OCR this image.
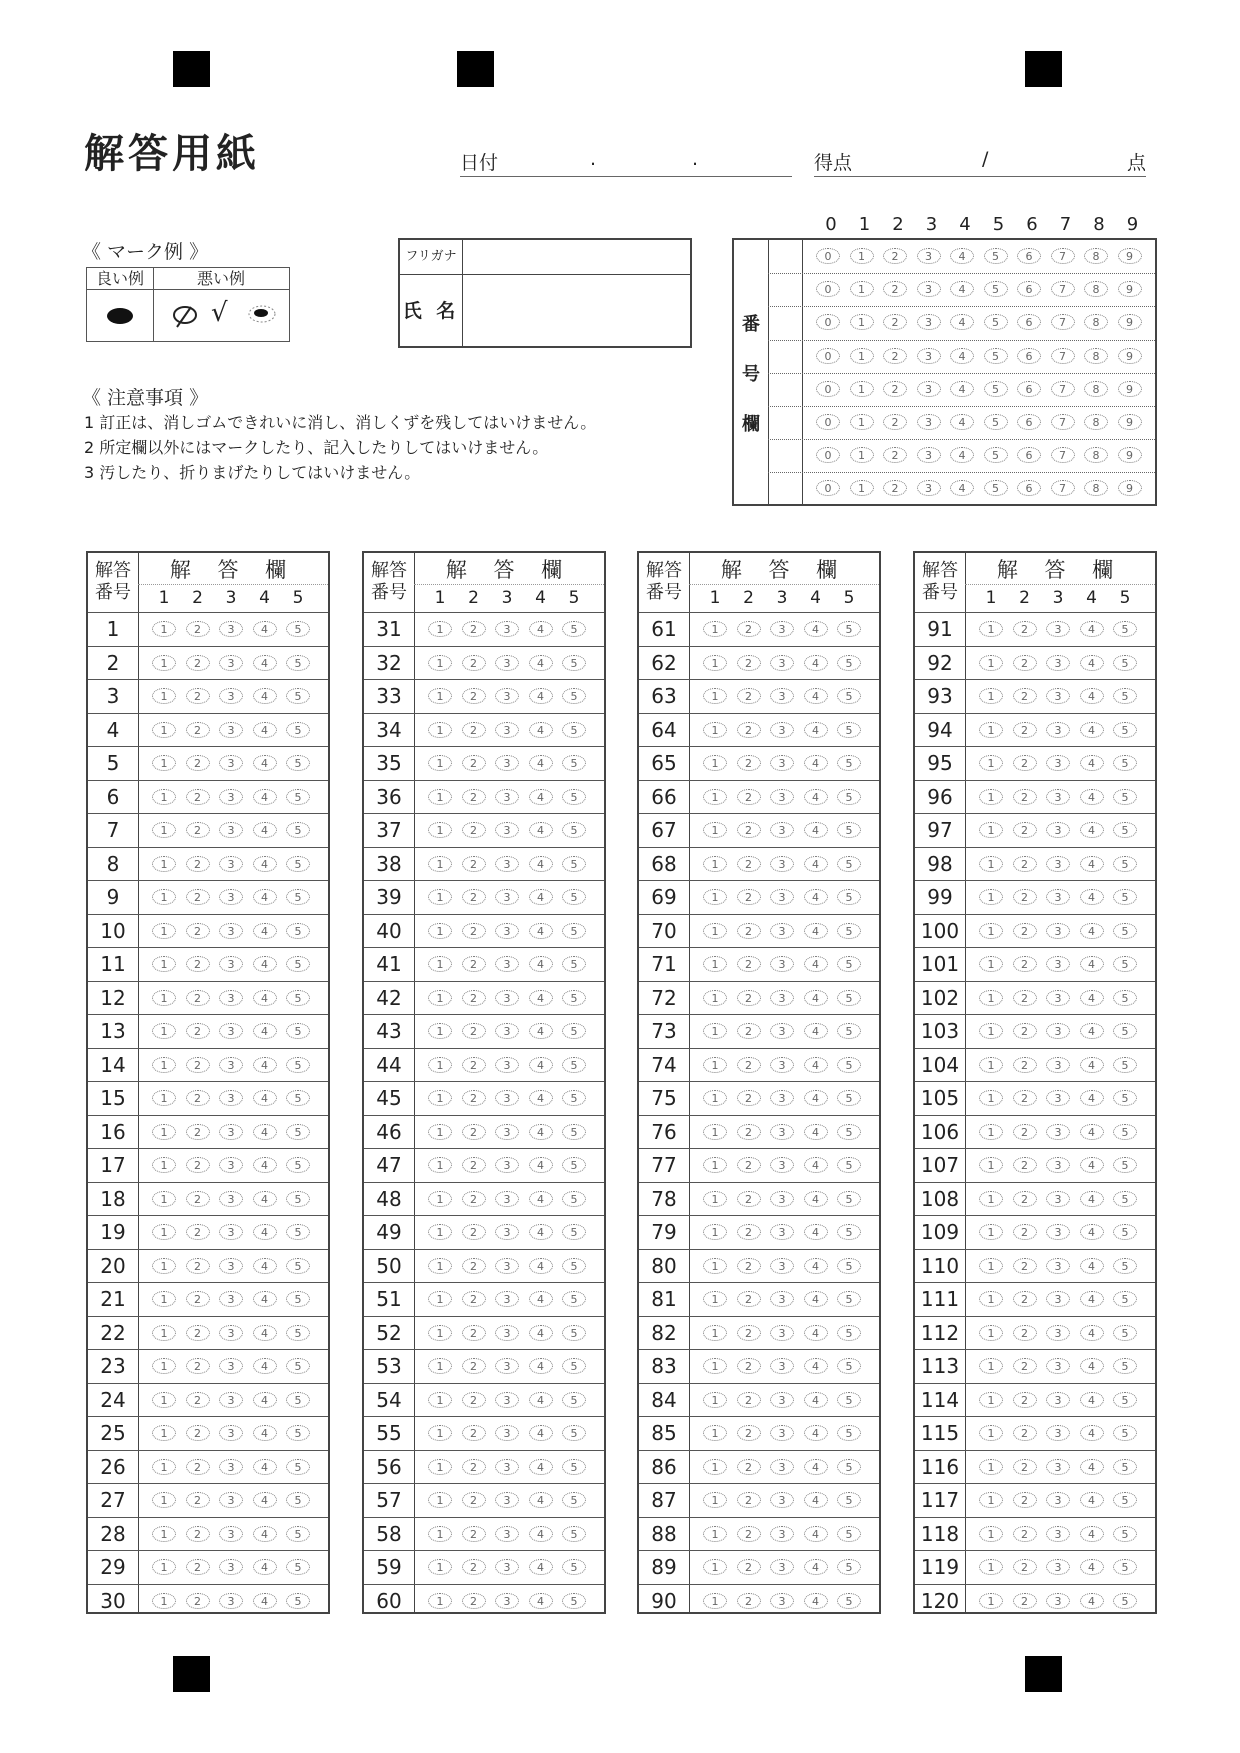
解答用紙	日付	.	.	得点	/	点
《 マーク例 》
良い例	悪い例
√
《 注意事項 》
1 訂正は、消しゴムできれいに消し、消しくずを残してはいけません。
2 所定欄以外にはマークしたり、記入したりしてはいけません。
3 汚したり、折りまげたりしてはいけません。
フリガナ
氏 名
0	1	2	3	4	5	6	7	8	9
番
号
欄
0	1	2	3	4	5	6	7	8	9
0	1	2	3	4	5	6	7	8	9
0	1	2	3	4	5	6	7	8	9
0	1	2	3	4	5	6	7	8	9
0	1	2	3	4	5	6	7	8	9
0	1	2	3	4	5	6	7	8	9
0	1	2	3	4	5	6	7	8	9
0	1	2	3	4	5	6	7	8	9
解答
番号
解 答 欄
1	2	3	4	5
1	1	2	3	4	5
2	1	2	3	4	5
3	1	2	3	4	5
4	1	2	3	4	5
5	1	2	3	4	5
6	1	2	3	4	5
7	1	2	3	4	5
8	1	2	3	4	5
9	1	2	3	4	5
10	1	2	3	4	5
11	1	2	3	4	5
12	1	2	3	4	5
13	1	2	3	4	5
14	1	2	3	4	5
15	1	2	3	4	5
16	1	2	3	4	5
17	1	2	3	4	5
18	1	2	3	4	5
19	1	2	3	4	5
20	1	2	3	4	5
21	1	2	3	4	5
22	1	2	3	4	5
23	1	2	3	4	5
24	1	2	3	4	5
25	1	2	3	4	5
26	1	2	3	4	5
27	1	2	3	4	5
28	1	2	3	4	5
29	1	2	3	4	5
30	1	2	3	4	5
解答
番号
解 答 欄
1	2	3	4	5
31	1	2	3	4	5
32	1	2	3	4	5
33	1	2	3	4	5
34	1	2	3	4	5
35	1	2	3	4	5
36	1	2	3	4	5
37	1	2	3	4	5
38	1	2	3	4	5
39	1	2	3	4	5
40	1	2	3	4	5
41	1	2	3	4	5
42	1	2	3	4	5
43	1	2	3	4	5
44	1	2	3	4	5
45	1	2	3	4	5
46	1	2	3	4	5
47	1	2	3	4	5
48	1	2	3	4	5
49	1	2	3	4	5
50	1	2	3	4	5
51	1	2	3	4	5
52	1	2	3	4	5
53	1	2	3	4	5
54	1	2	3	4	5
55	1	2	3	4	5
56	1	2	3	4	5
57	1	2	3	4	5
58	1	2	3	4	5
59	1	2	3	4	5
60	1	2	3	4	5
解答
番号
解 答 欄
1	2	3	4	5
61	1	2	3	4	5
62	1	2	3	4	5
63	1	2	3	4	5
64	1	2	3	4	5
65	1	2	3	4	5
66	1	2	3	4	5
67	1	2	3	4	5
68	1	2	3	4	5
69	1	2	3	4	5
70	1	2	3	4	5
71	1	2	3	4	5
72	1	2	3	4	5
73	1	2	3	4	5
74	1	2	3	4	5
75	1	2	3	4	5
76	1	2	3	4	5
77	1	2	3	4	5
78	1	2	3	4	5
79	1	2	3	4	5
80	1	2	3	4	5
81	1	2	3	4	5
82	1	2	3	4	5
83	1	2	3	4	5
84	1	2	3	4	5
85	1	2	3	4	5
86	1	2	3	4	5
87	1	2	3	4	5
88	1	2	3	4	5
89	1	2	3	4	5
90	1	2	3	4	5
解答
番号
解 答 欄
1	2	3	4	5
91	1	2	3	4	5
92	1	2	3	4	5
93	1	2	3	4	5
94	1	2	3	4	5
95	1	2	3	4	5
96	1	2	3	4	5
97	1	2	3	4	5
98	1	2	3	4	5
99	1	2	3	4	5
100	1	2	3	4	5
101	1	2	3	4	5
102	1	2	3	4	5
103	1	2	3	4	5
104	1	2	3	4	5
105	1	2	3	4	5
106	1	2	3	4	5
107	1	2	3	4	5
108	1	2	3	4	5
109	1	2	3	4	5
110	1	2	3	4	5
111	1	2	3	4	5
112	1	2	3	4	5
113	1	2	3	4	5
114	1	2	3	4	5
115	1	2	3	4	5
116	1	2	3	4	5
117	1	2	3	4	5
118	1	2	3	4	5
119	1	2	3	4	5
120	1	2	3	4	5
